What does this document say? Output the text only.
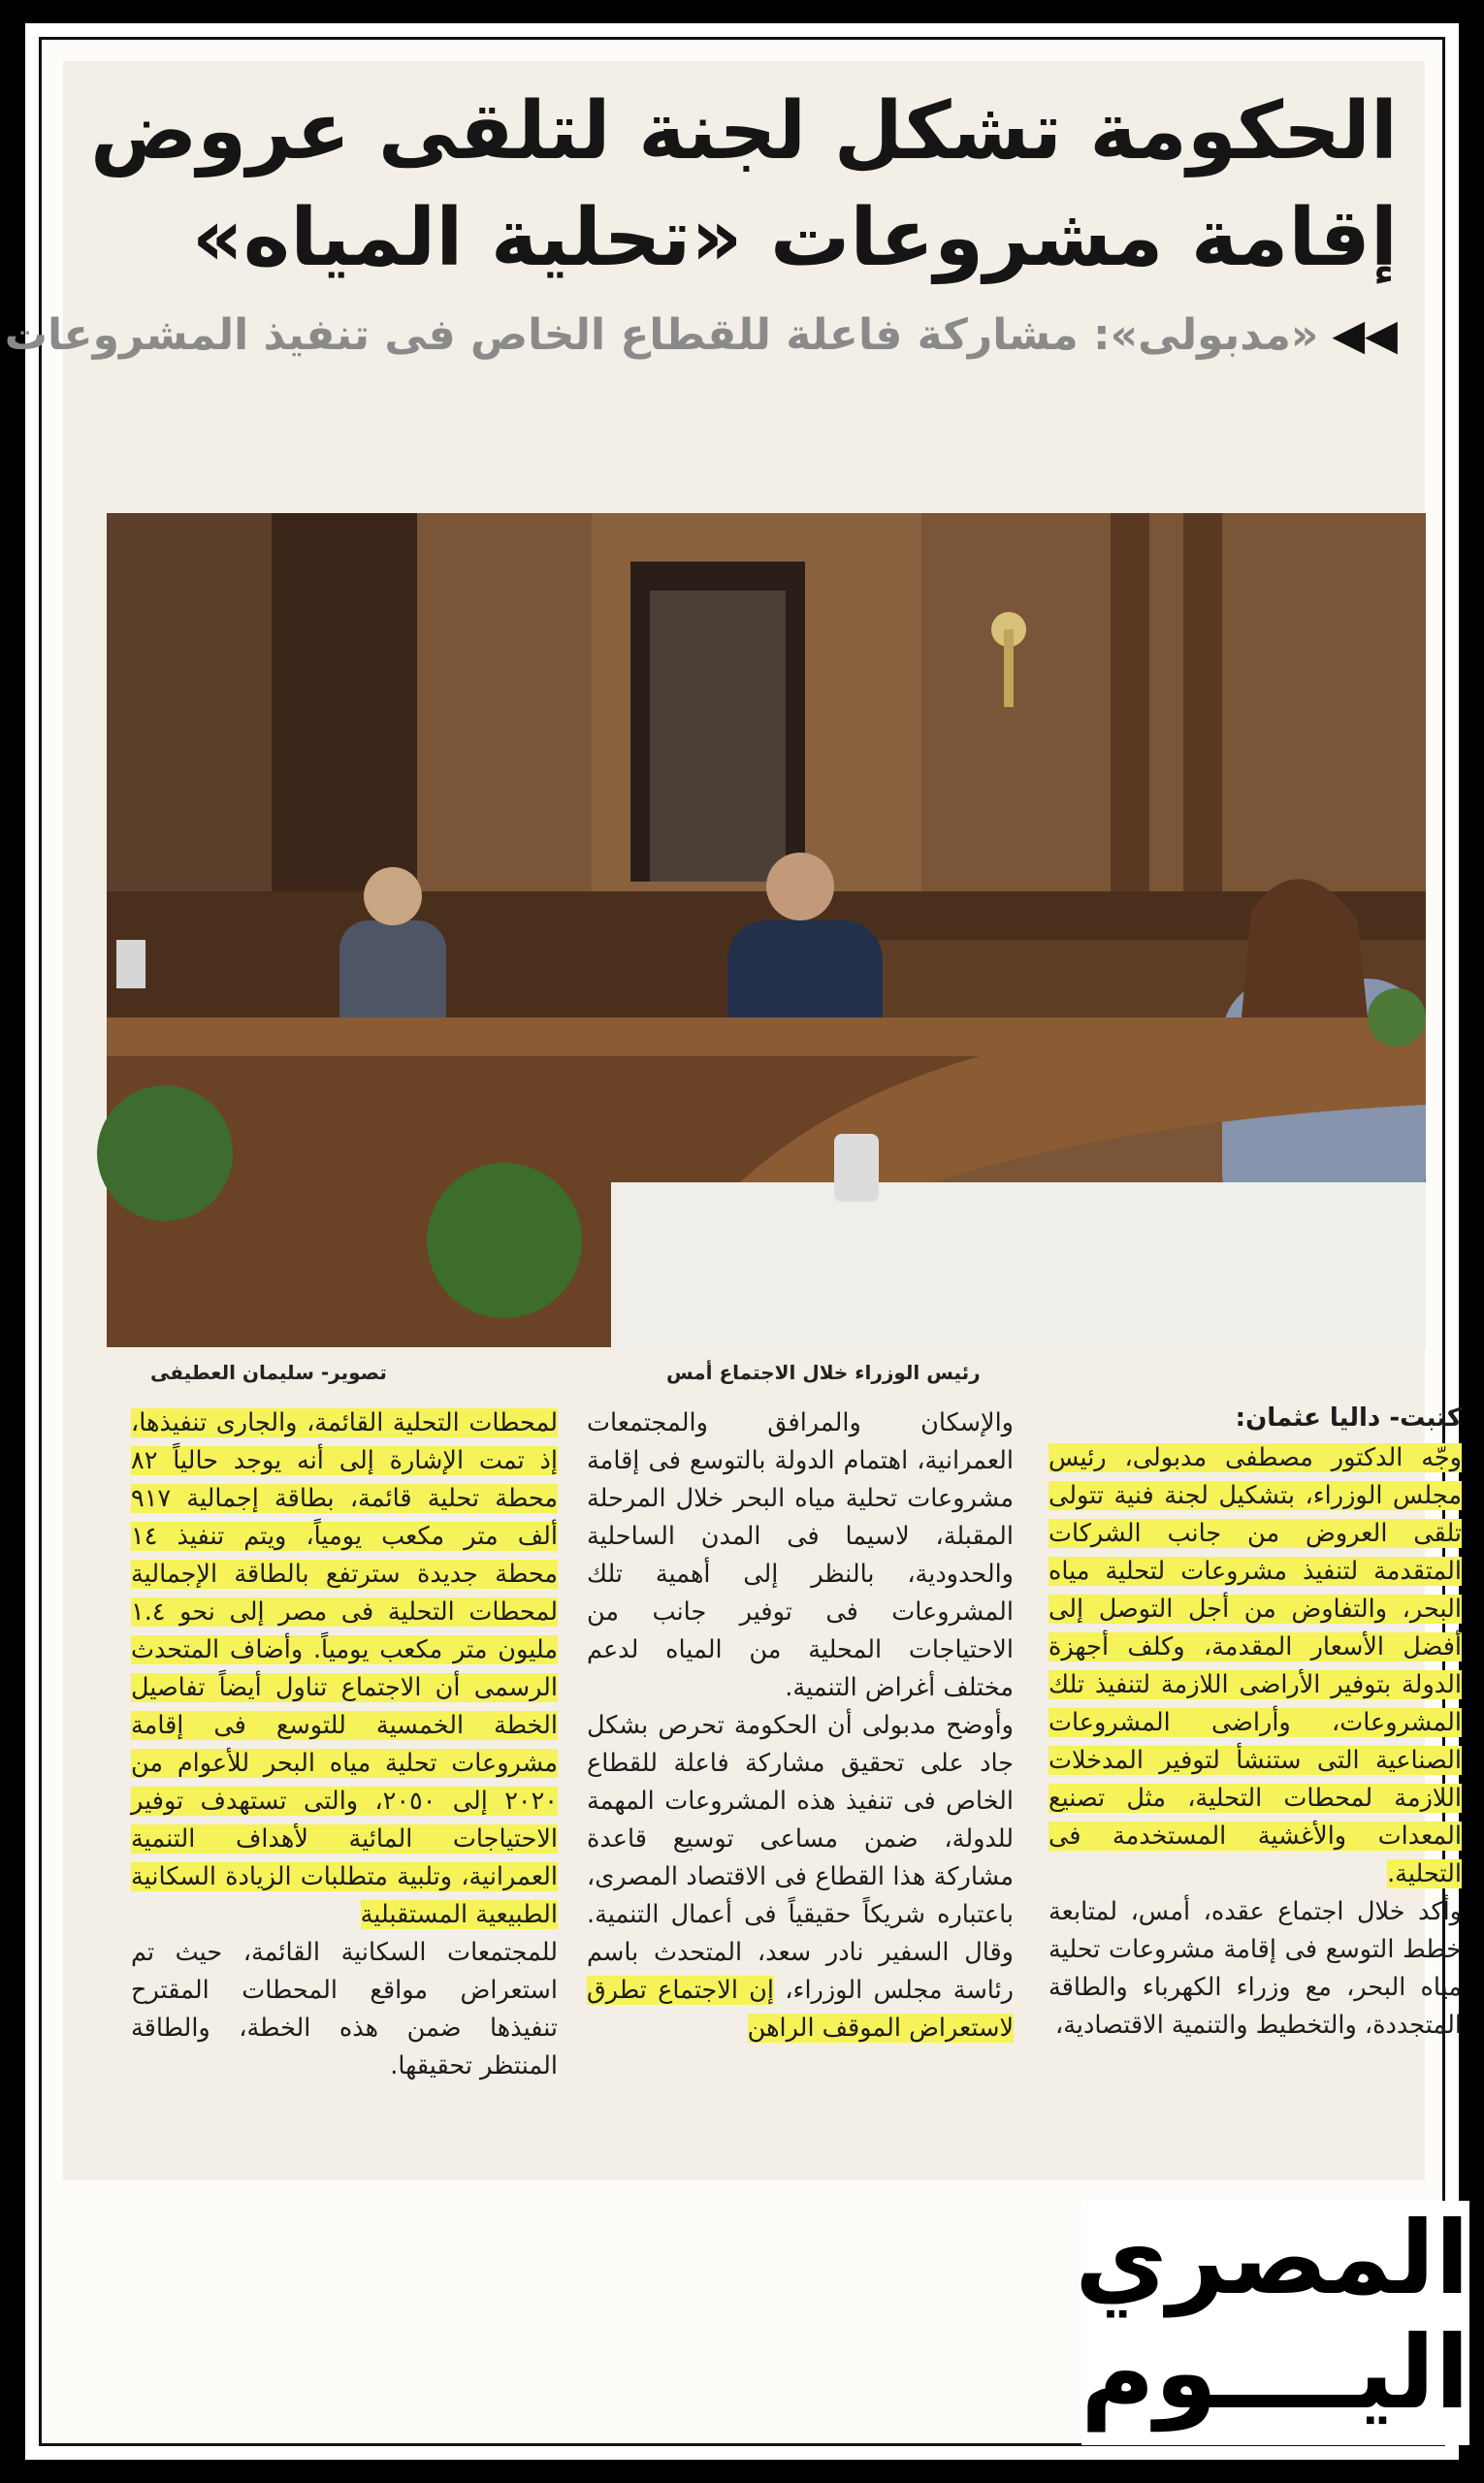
الحكومة تشكل لجنة لتلقى عروض
إقامة مشروعات «تحلية المياه»
◀◀«مدبولى»: مشاركة فاعلة للقطاع الخاص فى تنفيذ المشروعات
تصوير- سليمان العطيفى	رئيس الوزراء خلال الاجتماع أمس

كتبت- داليا عثمان:

وجّه الدكتور مصطفى مدبولى، رئيس مجلس الوزراء، بتشكيل لجنة فنية تتولى تلقى العروض من جانب الشركات المتقدمة لتنفيذ مشروعات لتحلية مياه البحر، والتفاوض من أجل التوصل إلى أفضل الأسعار المقدمة، وكلف أجهزة الدولة بتوفير الأراضى اللازمة لتنفيذ تلك المشروعات، وأراضى المشروعات الصناعية التى ستنشأ لتوفير المدخلات اللازمة لمحطات التحلية، مثل تصنيع المعدات والأغشية المستخدمة فى التحلية.

وأكد خلال اجتماع عقده، أمس، لمتابعة خطط التوسع فى إقامة مشروعات تحلية مياه البحر، مع وزراء الكهرباء والطاقة المتجددة، والتخطيط والتنمية الاقتصادية،

والإسكان والمرافق والمجتمعات العمرانية، اهتمام الدولة بالتوسع فى إقامة مشروعات تحلية مياه البحر خلال المرحلة المقبلة، لاسيما فى المدن الساحلية والحدودية، بالنظر إلى أهمية تلك المشروعات فى توفير جانب من الاحتياجات المحلية من المياه لدعم مختلف أغراض التنمية.

وأوضح مدبولى أن الحكومة تحرص بشكل جاد على تحقيق مشاركة فاعلة للقطاع الخاص فى تنفيذ هذه المشروعات المهمة للدولة، ضمن مساعى توسيع قاعدة مشاركة هذا القطاع فى الاقتصاد المصرى، باعتباره شريكاً حقيقياً فى أعمال التنمية. وقال السفير نادر سعد، المتحدث باسم رئاسة مجلس الوزراء، إن الاجتماع تطرق لاستعراض الموقف الراهن

لمحطات التحلية القائمة، والجارى تنفيذها، إذ تمت الإشارة إلى أنه يوجد حالياً ٨٢ محطة تحلية قائمة، بطاقة إجمالية ٩١٧ ألف متر مكعب يومياً، ويتم تنفيذ ١٤ محطة جديدة سترتفع بالطاقة الإجمالية لمحطات التحلية فى مصر إلى نحو ١.٤ مليون متر مكعب يومياً. وأضاف المتحدث الرسمى أن الاجتماع تناول أيضاً تفاصيل الخطة الخمسية للتوسع فى إقامة مشروعات تحلية مياه البحر للأعوام من ٢٠٢٠ إلى ٢٠٥٠، والتى تستهدف توفير الاحتياجات المائية لأهداف التنمية العمرانية، وتلبية متطلبات الزيادة السكانية الطبيعية المستقبلية

للمجتمعات السكانية القائمة، حيث تم استعراض مواقع المحطات المقترح تنفيذها ضمن هذه الخطة، والطاقة المنتظر تحقيقها.

المصري
اليــــوم
